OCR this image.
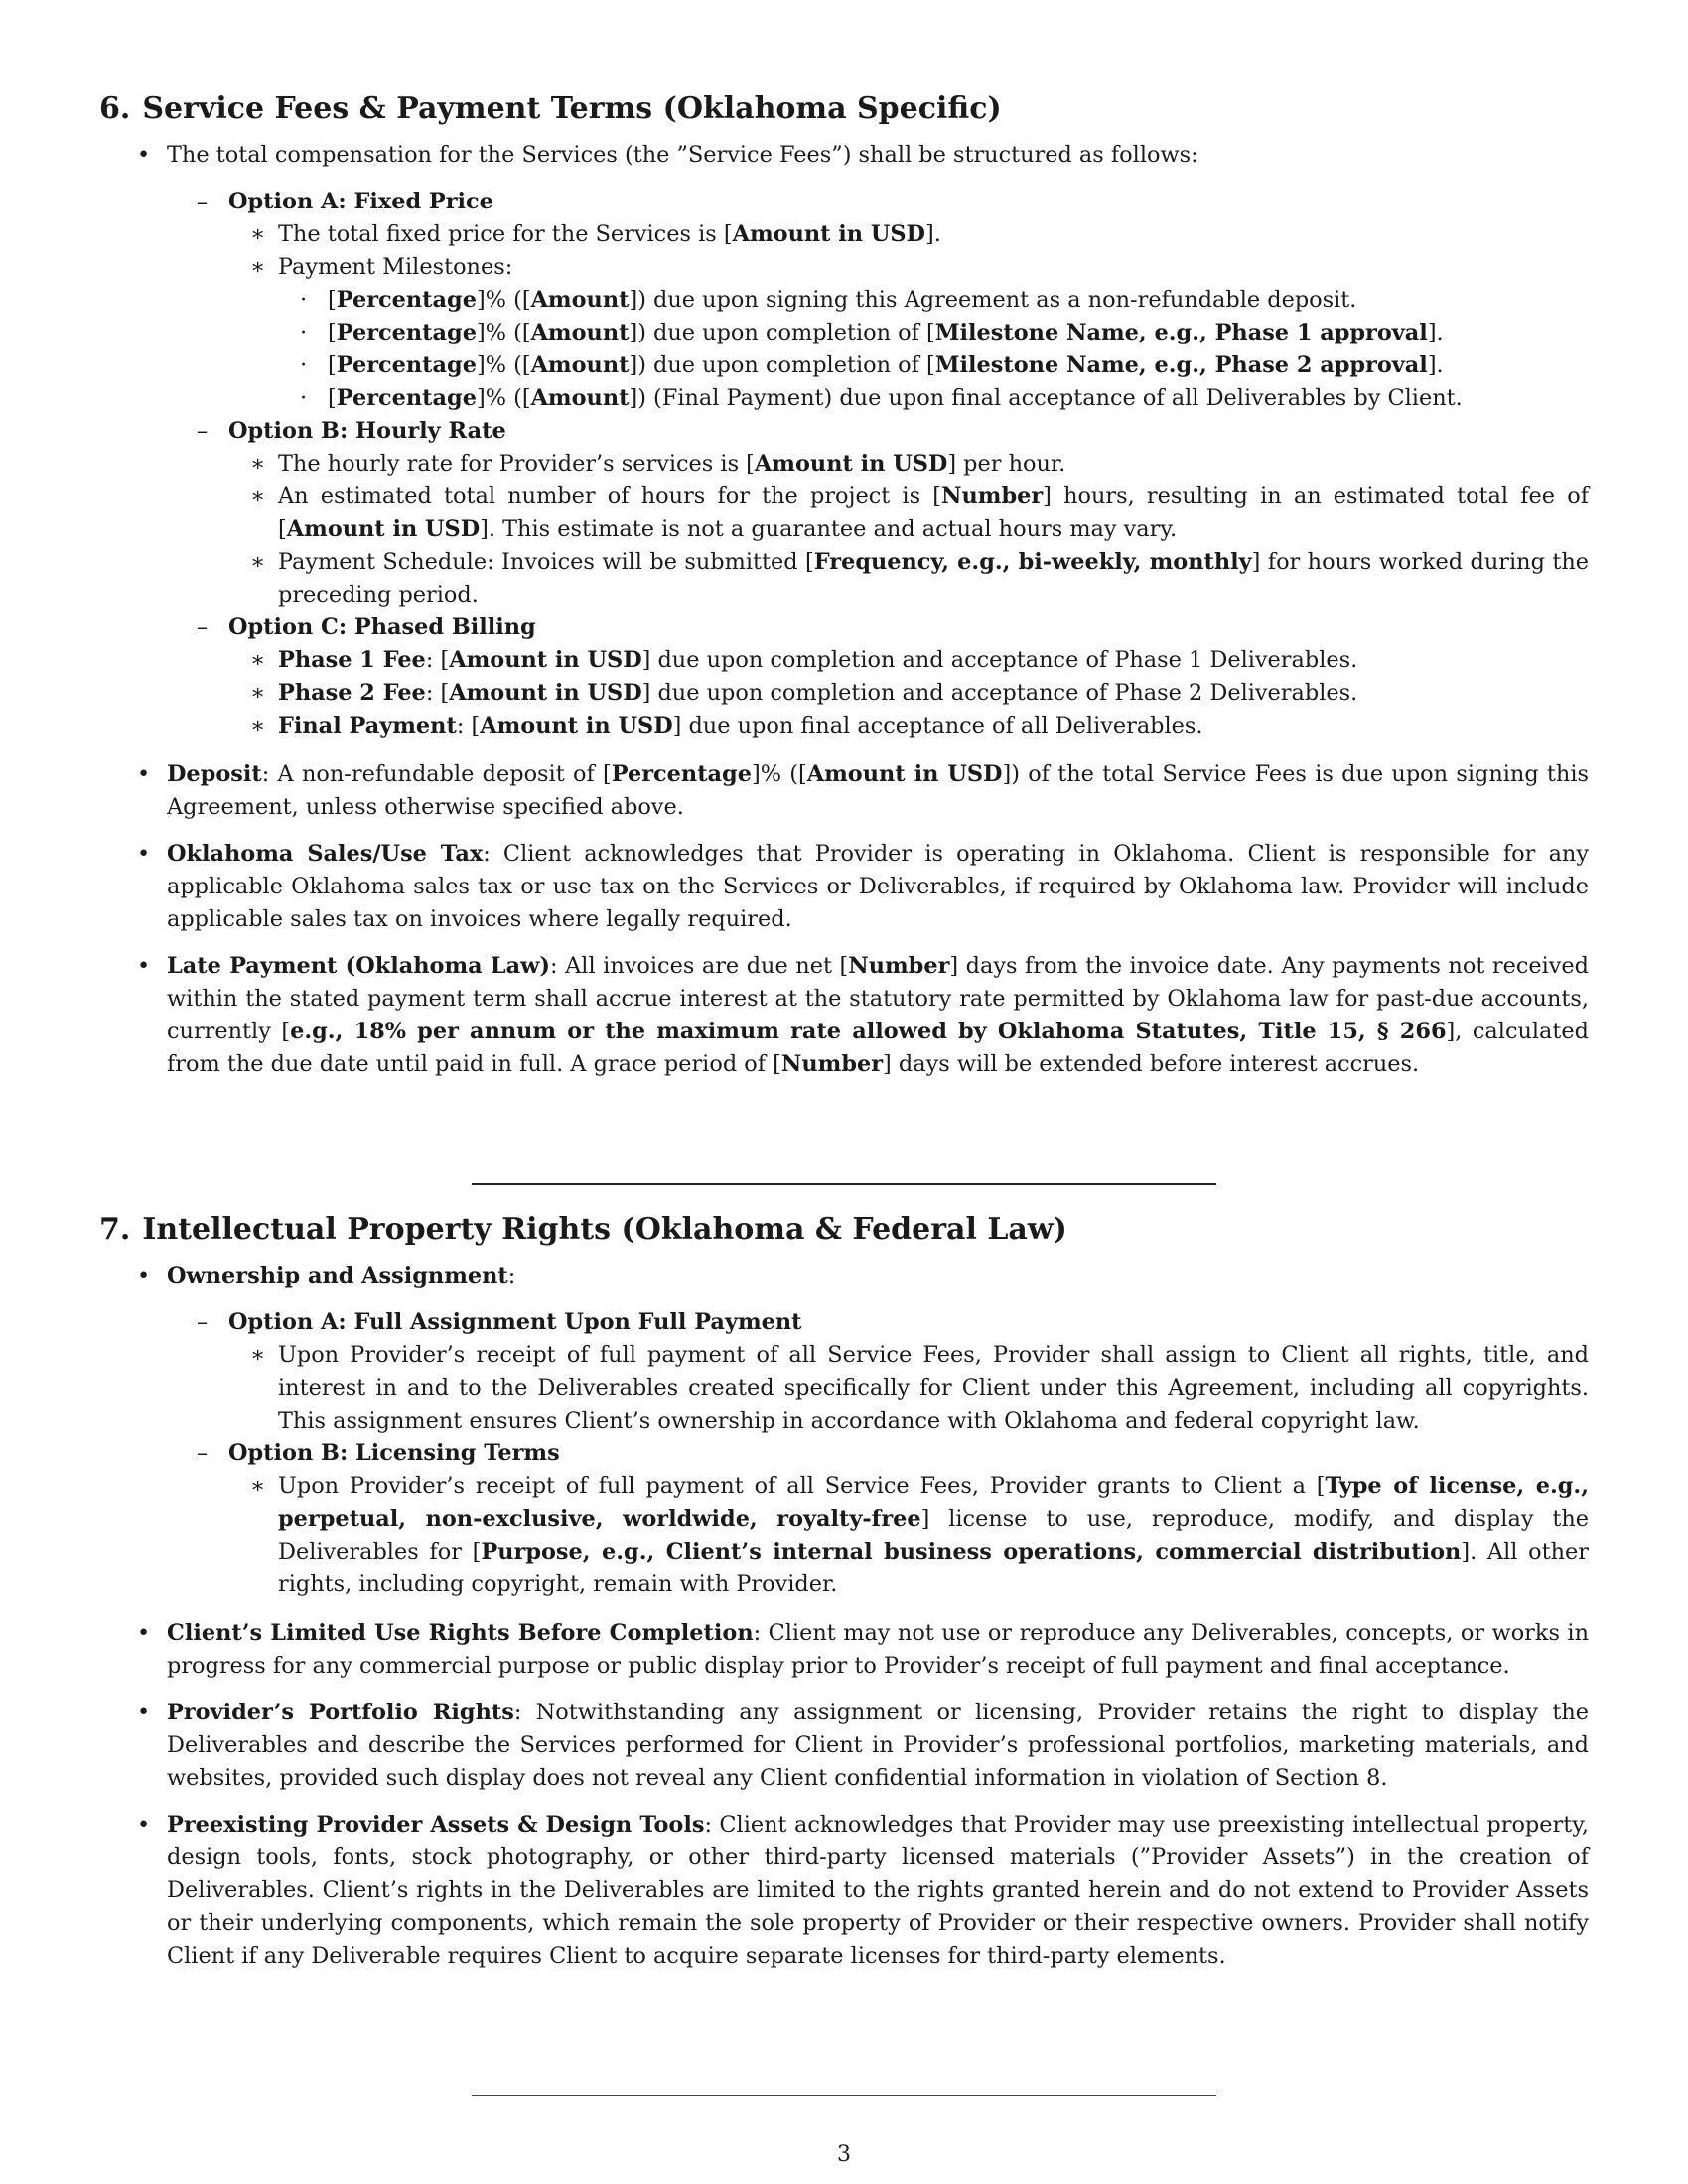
6. Service Fees & Payment Terms (Oklahoma Specific)
• The total compensation for the Services (the ”Service Fees”) shall be structured as follows:
– Option A: Fixed Price
∗ The total fixed price for the Services is [Amount in USD].
∗ Payment Milestones:
· [Percentage]% ([Amount]) due upon signing this Agreement as a non-refundable deposit.
· [Percentage]% ([Amount]) due upon completion of [Milestone Name, e.g., Phase 1 approval].
· [Percentage]% ([Amount]) due upon completion of [Milestone Name, e.g., Phase 2 approval].
· [Percentage]% ([Amount]) (Final Payment) due upon final acceptance of all Deliverables by Client.
– Option B: Hourly Rate
∗ The hourly rate for Provider’s services is [Amount in USD] per hour.
∗ An estimated total number of hours for the project is [Number] hours, resulting in an estimated total fee of [Amount in USD]. This estimate is not a guarantee and actual hours may vary.
∗ Payment Schedule: Invoices will be submitted [Frequency, e.g., bi-weekly, monthly] for hours worked during the preceding period.
– Option C: Phased Billing
∗ Phase 1 Fee: [Amount in USD] due upon completion and acceptance of Phase 1 Deliverables.
∗ Phase 2 Fee: [Amount in USD] due upon completion and acceptance of Phase 2 Deliverables.
∗ Final Payment: [Amount in USD] due upon final acceptance of all Deliverables.
• Deposit: A non-refundable deposit of [Percentage]% ([Amount in USD]) of the total Service Fees is due upon signing this Agreement, unless otherwise specified above.
• Oklahoma Sales/Use Tax: Client acknowledges that Provider is operating in Oklahoma. Client is responsible for any applicable Oklahoma sales tax or use tax on the Services or Deliverables, if required by Oklahoma law. Provider will include applicable sales tax on invoices where legally required.
• Late Payment (Oklahoma Law): All invoices are due net [Number] days from the invoice date. Any payments not received within the stated payment term shall accrue interest at the statutory rate permitted by Oklahoma law for past-due accounts, currently [e.g., 18% per annum or the maximum rate allowed by Oklahoma Statutes, Title 15, § 266], calculated from the due date until paid in full. A grace period of [Number] days will be extended before interest accrues.
7. Intellectual Property Rights (Oklahoma & Federal Law)
• Ownership and Assignment:
– Option A: Full Assignment Upon Full Payment
∗ Upon Provider’s receipt of full payment of all Service Fees, Provider shall assign to Client all rights, title, and interest in and to the Deliverables created specifically for Client under this Agreement, including all copyrights. This assignment ensures Client’s ownership in accordance with Oklahoma and federal copyright law.
– Option B: Licensing Terms
∗ Upon Provider’s receipt of full payment of all Service Fees, Provider grants to Client a [Type of license, e.g., perpetual, non-exclusive, worldwide, royalty-free] license to use, reproduce, modify, and display the Deliverables for [Purpose, e.g., Client’s internal business operations, commercial distribution]. All other rights, including copyright, remain with Provider.
• Client’s Limited Use Rights Before Completion: Client may not use or reproduce any Deliverables, concepts, or works in progress for any commercial purpose or public display prior to Provider’s receipt of full payment and final acceptance.
• Provider’s Portfolio Rights: Notwithstanding any assignment or licensing, Provider retains the right to display the Deliverables and describe the Services performed for Client in Provider’s professional portfolios, marketing materials, and websites, provided such display does not reveal any Client confidential information in violation of Section 8.
• Preexisting Provider Assets & Design Tools: Client acknowledges that Provider may use preexisting intellectual property, design tools, fonts, stock photography, or other third-party licensed materials (”Provider Assets”) in the creation of Deliverables. Client’s rights in the Deliverables are limited to the rights granted herein and do not extend to Provider Assets or their underlying components, which remain the sole property of Provider or their respective owners. Provider shall notify Client if any Deliverable requires Client to acquire separate licenses for third-party elements.
3
